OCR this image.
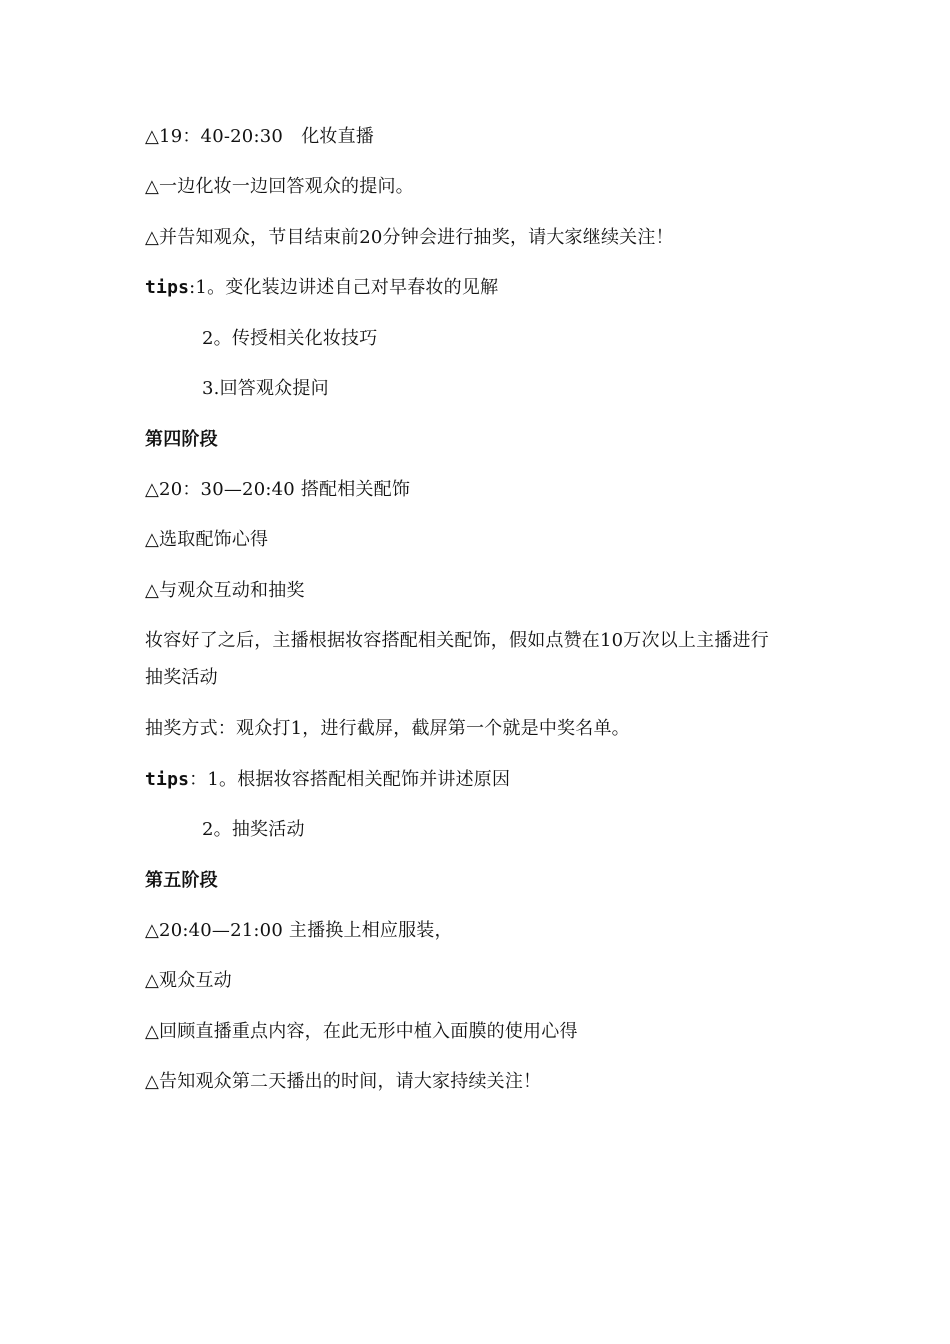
△19：40-20:30　化妆直播
△一边化妆一边回答观众的提问。
△并告知观众，节目结束前20分钟会进行抽奖，请大家继续关注！
tips:1。变化装边讲述自己对早春妆的见解
2。传授相关化妆技巧
3.回答观众提问
第四阶段
△20：30—20:40 搭配相关配饰
△选取配饰心得
△与观众互动和抽奖
妆容好了之后，主播根据妆容搭配相关配饰，假如点赞在10万次以上主播进行
抽奖活动
抽奖方式：观众打1，进行截屏，截屏第一个就是中奖名单。
tips：1。根据妆容搭配相关配饰并讲述原因
2。抽奖活动
第五阶段
△20:40—21:00 主播换上相应服装，
△观众互动
△回顾直播重点内容，在此无形中植入面膜的使用心得
△告知观众第二天播出的时间，请大家持续关注！
